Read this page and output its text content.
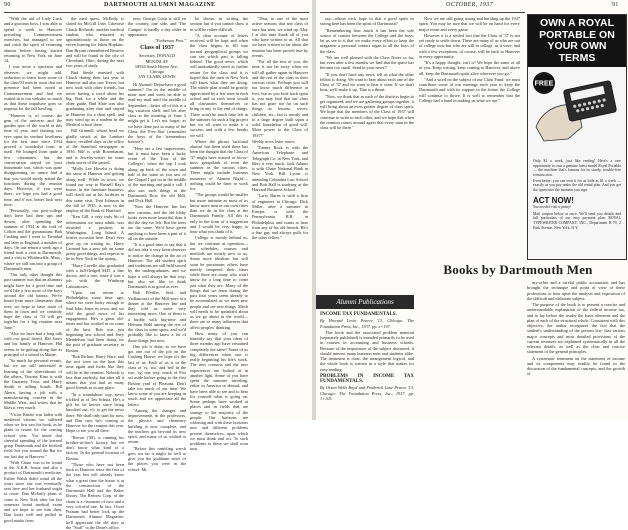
90	DARTMOUTH ALUMNI MAGAZINE

"With the aid of Lady Luck and a gracious boss, I was able to spend a week in Hanover preceding Commencement exercises, but managed to see and catch the spirit of returning alumni before having started returning to New York on June 14.

I was more a spectator and observer; we might add, seduction to learn from some of the class'03 men in town that our presence had been noted at Commencement and had we waited in to our website; so much as that these impulsive goes so impetus for the fall bowling.

"Hanover is, of course, the gem of the universe and the garden spot of the world at this time of year, and feasting our eyes upon its verdant loveliness for the first time since 1934 proved a wonderful tonic in itself. We lounged from quite a few classmates, but the conversation stayed on your housemale sort, which was quite disappointing, as rumor had it that you would surely attend the functions during the reunion days. However, if you were there, we hope you had a good time, and if not, better luck next time.

"Personally, our post-college days have had their ups and downs, after spending the summer of 1934 at the ford of Colton and the gymnasium, Bob Cushing and I went to Trinidad and later to England, a number of days. On our return a week ago a friend took a visit at Dartmouth, and a visit to Whitinsville, Mass., where we still ran into a group of Dartmouth men.

"Our only other thought this past summer was that an alumnus might have for a good time and we'd like a few more of the boys around the old haunts. We've heard from more classmates than ever, we hope to have more of them in town and we certainly hope the class of '33 will get together for a big reunion next June."

"Also we have had a long talk with our good friend, Hal Jones and his family at Hanover. Hal seems to be getting along fine as principal of a school in Maine.

"So much for personal events, but we are still interested in learning of the whereabouts of the others. Vincent Kinz is with the Guaranty Trust, and Harry Smith is selling bonds. Bill Ahern, having a job with a manufacturing concern in the Middle West, and writes that he likes it very much.

"Victor Kinzie was laden with medieval visions we suffered when we first saw his book, as he plans to return for the coming school year. Via noted that cheerful spending of the learned grasp Dartmouth and the football field. See you around the Bar for our last day at Hanover."

"With Chase was to be found at the A.K.B. house and also a product of Dartmouth's medicine. Esther Walsh didn't mind all the years since she was eventually sent here and her husband ought to come. Dan McEnily plans to come to New York after his last semester board medical exam and we hope to see him then. Dan looks well and pulled in good marks from

the med quest. McEnily is slated for McGill Univ. Likewise Chuck Richards, another medical student, who returned as ignominiously to those on the seven loaning for Johns Hopkins. Dan Bryant remembered Reserve and will be found in the city of Cleveland, Ohio, during the next two years of study.

Bud Steele reunited with Chuck during their last year at Hanover and also saw Trevor, but now took with other friends, but never having a word about his big. Bud, for a while and the older guide, Bud Slate was also graduating after that and stayed in Hanover for a short spell, and may wind up as a student in the Medical school there.

Bill Grinnell, whose head we gladly struck at the Lambert dance, recalled days at the office of the Stamford newspaper in 1936. Bill is with Rosenbaum, and is Jewelry-writer for some chain stores of the period.

"Molly Lee Hovelst is doing the same at Hanover and getting along well. While in town, we found our way to Russell Ray's house, in the furniture business; will check out at his facilities at this same visit. Tom Johnson in the fall of 1935, is now in the employ of the Bank of Hartford.

"Ken Gill, a very truly bit of information we must admit, was awarded a position in Washington, Long Island. A festive occasion here. Don't ever give up on writing us. Harry Leonard has a new job on some pretty good things, and expects to be in New York in the spring.

"Harry Lavelle also graduated with a full-fledged M.D. a fine doctor, and a rare, since it was a job with the Winthrop Laboratories.

"Upon our return to Philadelphia some time ago, where we were lucky enough to find John Jones in town, and we told the good news of his engagement. He's a great old-timer and has worked in on some of the best. Bob was just beginning law school and Jerry Mendelson had been doing for the post of graduate secretary in Boston.

"Bob Richter, Harry Ware, and the rest were on the boat this time again and looks like they will be at the reunion. Nobody is less than anybody, but after all it means that you had as many good friends as in any place.

"In a roundabout way, news trickled in of Tex Schutz. He's a gift for he knows since being knocked out, it's to get the news there. We shall only start for now, and Dan says he's coming to Hanover for the reunion this year. Hope to see you all there.

"Brown ('38), is running his brother-in-law's factory, but we don't know what kind of a factory. In the general location of Boston.

"Those who have not been back to Hanover since the fists of the year last will already know what a great time the house is at the construction of the Dartmouth Hall and the Baker library. The Rezrow Corp. of the chain is a classmate of ours and a very colorful one. In fact, Oscar Putnam had better look up the Dartmouth Alumni Magazine; he'll appreciate the old days at the "Stuff" in the Dean's office.

ever, George Gisin is still on the country, one side, and 'The Camper' is hardly a day older in appearance.

"Fatherson Post."

Class of 1937
Secretary, DONALD MCKINLAY
10934 South Hoyne Ave., Chicago
JAY CLARK LEWIS

Hi Alumni! Dejaa-have a good summer? I'm in the middle of mine now and won't be able to read my mail until the middle of September—better all of this is a big vacation shelf, and his alter class at the morning of June 3 might get it. Let's not forget, as we have done just so many of the Class, the 'Five Star' (remember the boys of the 'tremendous bounce').

"Here are a few impressions, but it must have been a lucky event of 'the Tour of the Colleges'; when the trip I took along up back of the town and half of the same as you saw of the Chapel I got on in the middle of the morning and paid a call. I also saw such things as the Dartmouth Row, the old Mill, and Dick Hall.

"Now the Hanover Inn has new curtains, and the old lobby looks even more beautiful than it did the day we left. But the trees are the same. We'd have given anything to have been a part of it all on the outside.

"It is a good time to say that it did not take a very keen observer to notice the change in the air of Hanover. The old student spirit and traditions are still held sacred by the undergraduates, and we hope it will always be that way; but also we like to think Dartmouth is as good as ever.

Bob Pfeiffer, Seal, and Vaillancourt of the Mill were at a dinner at the Hanover Inn and they told us some very interesting news. One of them is a buddy with big-time and Holman Wahl among the rest of the class in some spots, and we'd probably like to know a lot of those things just now.

One job is done, as we have got one out of the job on the Cushing House; we hope it's the last of us. Each of us is in the class of 'ry, 'stu,' and 'sed' in the two, 'rg' one way, much of Fox set aside before going to the first Boston yard of Pleasant. Don't take too much of our time. We know some of you are keeping in touch and we appreciate all the letters.

"Among the changes and improvements in the professors, the physics and chemistry building is now complete, and the teachers got beyond its new spirit, and many of us wished to return.

"Before this rambling wreck goes too far it might be well to give you the goddamn news of the places you were in the school: Mr.

be shown in writing the section but if you cannot show it in will be rather difficult.

"A clear account of letters received will be kept and when the class begins to fill into normal geographical groups we can see which part is falling behind. The good news, which will undoubtedly serve as further return for the class and it is hoped that the men in New York will know what they are doing. The whole plan would be greatly appreciated by a few men in each school and in each town would all classmates themselves or bring in any to the end of things. There won't be much time left in the summer for such a big project but we all want to make it a success, and with a few breaks we will.

Where the phrase 'tactional alumni' has been used there has been the thought that the Class of '37 might have missed or hit-or-miss groupthink of even the summer in the various cities. These might include business ministers of 'Alumni Night'—nothing could be finer to work for.

"The groups would be smaller but more intimate as most of us know more men in our own cities than we do in the class at the Dartmouth Family. All this is only in the form of a suggestion and I would be very happy to hear what you think of it.

College is mostly behind us, but we continue at operation—our schedules, courses and methods are mostly new to us. Some more idealism but will soon be proximate; others have merely tempered their ideas while there are many who won't know for a long time to come just what they are. Many of the things that we learn during the past four years seem already to be accumulated as we meet new people and see new things. Much will needs to be sprinkled about as we go about in the world—there are so many influences that affect peoples' thinking.

How many of you can honestly say that your ideas of three months ago have remained completely the same? Some of us big differences when one is really beginning his life's work. The new contacts and the new experiences are looked at in another light. Some of you have spent the summer traveling, either in America or abroad, and have been able to see and to hear for yourself what is going on. Some perhaps have worked at places and in fields that are strange to the majority of the people. Our horizons are widening and with these horizons new and different problems present themselves, upon which we must think and act. To such problems as these we shall soon turn.

"Thus, to one of the most active seasons that any class of ours has seen, we wind up. May I at this time thank all of you who have written to us. All that we have written so far about the reunion has been proved true by events.

"For all the rest of you, the time is not far away when we will all gather again in Hanover and the rest of the class in their various cities. Perhaps you will not know much difference at first, but as you look back upon it, you may find that our class has not gone too far on such things as lessons, wives, children, etc., but is mostly and to a large degree built upon a solid foundation of good will. More power to the Class of 1937!"

Weekly news letter notes:

"Jimmy Rock is with the American Telephone and Telegraph Co. in New York, and likes it very much. Jack Adams is with Chase National Bank in New York. Bill Lyons is attending Columbia Law School and Bob Hall is studying at the Harvard Business School.

"Larry Burns is with a firm of engineers in Chicago. Dick Miller, after a summer in Europe, is with the Pennsylvania R.R. in Philadelphia, and wants to hear from any of his old friends. He's a fine guy and always pulls for the other fellow."

OCTOBER, 1937	91

say—whose trick hope in that a good spirit so strong here has been the spirit of Dartmouth?

"Remembering how much it has been the sole source of contact between the College and the boys, let us see to it that we make every effort to keep the magazine a personal contact organ to all the boys of the class.

"We are well pleased with the Class Notes so far, but even after a few months we find that the space has become too small. Send in your news!"

"If you don't have any news, tell us what the other fellow is doing. We want to hear about each one of the Class of '37 and we want to hear it soon. If we don't hear, we'll make it up. That is a threat.

"Now, we think that as each of the districts begin to get organized, and we are gathering groups together, it will bring about an even greater degree of class spirit. We hope that the members of the Class of 1937 will continue to write to each other, and we hope that when the reunion comes around again that every man in the class will be there."

Now we are still going strong and building up the 1937 spirit. You may be sure that we will be on hand for every major event and every game.

However it is a settled fact that the Class of '37 is not yet ready to settle down. There are many of us who are out of college now but who are still in college, as it were, and with a few exceptions, of course, will be back to Hanover at every opportunity.

"It's a happy thought, isn't it? We hope the same of all of you. Keep writing, keep coming to Hanover, and above all, keep the Dartmouth spirit alive wherever you go."

"And a word on the subject of our Class Fund: we must contribute some of our earnings each year to keep the Dartmouth and with its support in the future the College will continue to thrive. It is well to remember that the College had a hand in making us what we are."

INCOME TAX FUNDAMENTALS.

By Howard Levin Pearce '13, Chicago: The Foundation Press, Inc., 1937. pp. x+197.

This book and the associated problem material (separately published) is intended primarily to be used in courses in accounting and business schools. Because of the importance of the subject discussed, it should interest many business men and students alike. The treatment is clear, the arrangement logical, and the whole book is written in a style that makes for easy reading.

PROBLEMS IN INCOME TAX FUNDAMENTALS.

By Orson Wells Boyd and Frederick Lane Pearce '13, Chicago: The Foundation Press, Inc., 1937. pp. 1+105.

Alumni Publications
OWN A ROYAL
PORTABLE ON
YOUR OWN
TERMS
FREE

Only $1 a week, just like renting! Here's a rare opportunity to own a genuine latest model Royal Portable — the machine that's famous for its sturdy, trouble-free construction.

Even better: you can own it for as little as $1 a week — exactly as you pay under the old rental plan. And you get the typewriter the moment you sign.

ACT NOW!
You needn't risk a penny!

Mail coupon below at once. We'll send you details and full particulars of our easy payment plan. ROYAL TYPEWRITER COMPANY, INC., Department B-79, 2 Park Avenue, New York, N.Y.

Books by Dartmouth Men

my-acher and a careful public accountant, and has brought the technique and point of view of these professions to bear upon the analysis and exposition of the difficult and elaborate subject.

The purpose of the book is to present a concise and understandable explanation of the federal income tax, and to lay before the reader the basic elements and the plan of each of the structural whole. Consistent with this objective, the author recognizes the fact that the student's understanding of the present law: that various major concepts and most detailed provisions of the current revenues are explained systematically in all the relevant details, as well as the clear and concise statement of the general principles.

A systematic treatment on the statement of income and its components may readily be found in the discussion of the fundamental concepts, and the growth of
